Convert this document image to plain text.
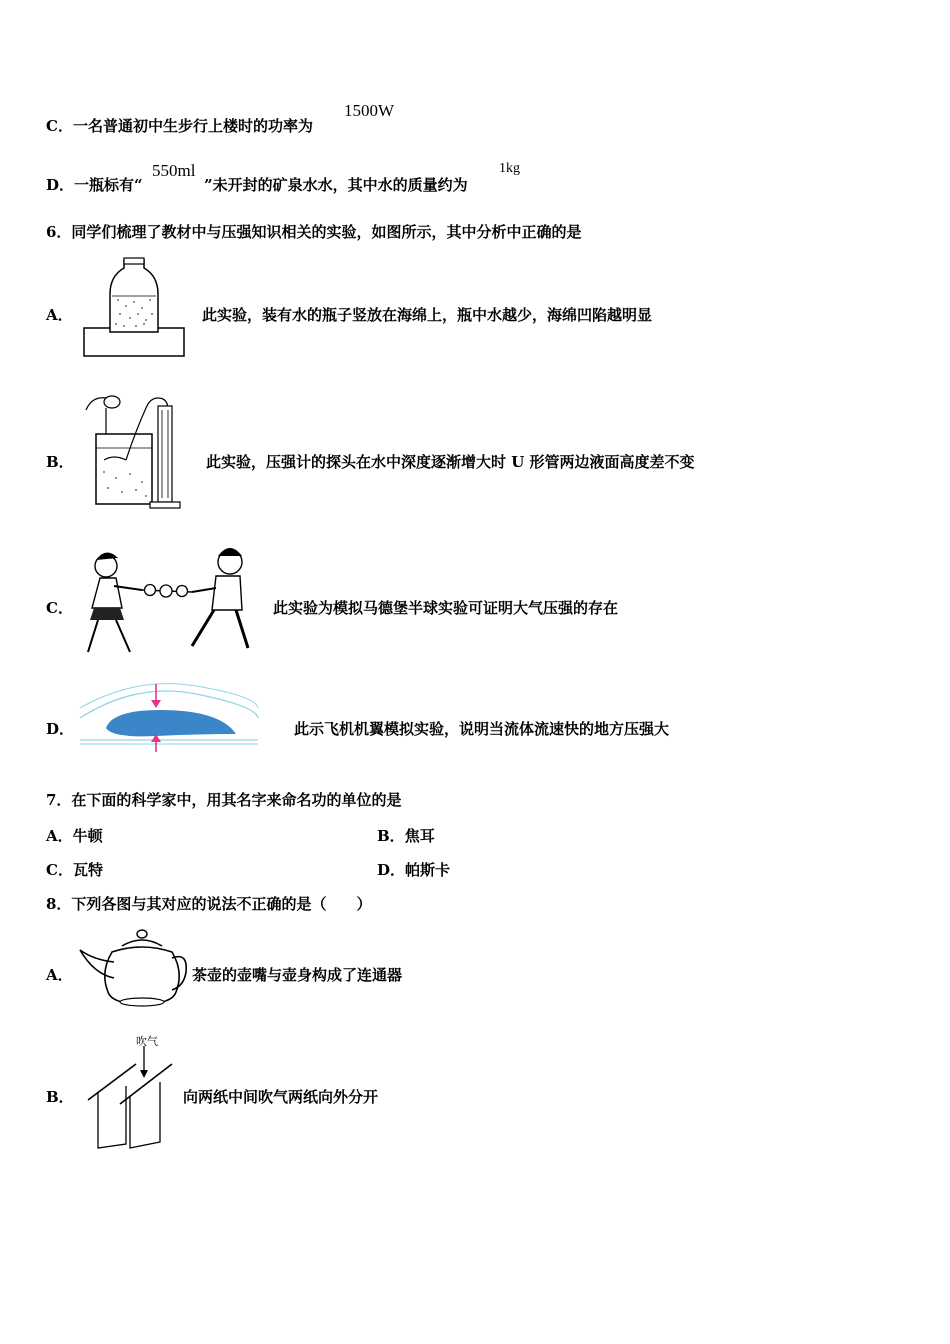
C．一名普通初中生步行上楼时的功率为
1500W
D．一瓶标有“
550ml
”未开封的矿泉水水，其中水的质量约为
1kg
6．同学们梳理了教材中与压强知识相关的实验，如图所示，其中分析中正确的是
A．	此实验，装有水的瓶子竖放在海绵上，瓶中水越少，海绵凹陷越明显
B．	此实验，压强计的探头在水中深度逐渐增大时 U 形管两边液面高度差不变
C．	此实验为模拟马德堡半球实验可证明大气压强的存在
D．	此示飞机机翼模拟实验，说明当流体流速快的地方压强大
7．在下面的科学家中，用其名字来命名功的单位的是
A．牛顿	B．焦耳
C．瓦特	D．帕斯卡
8．下列各图与其对应的说法不正确的是（　　）
A．	茶壶的壶嘴与壶身构成了连通器
B．
吹气
向两纸中间吹气两纸向外分开
